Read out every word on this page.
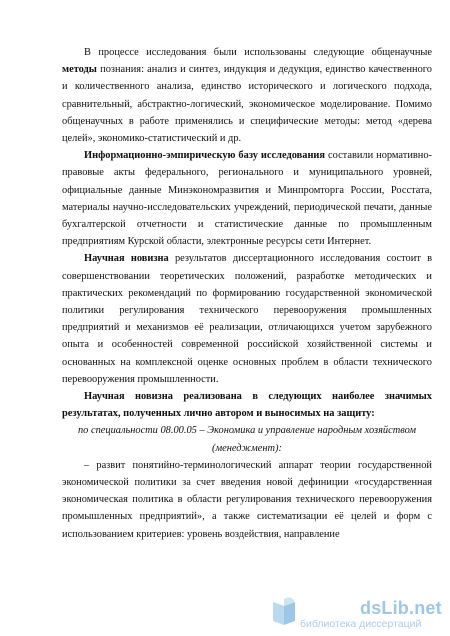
В процессе исследования были использованы следующие общенаучные методы познания: анализ и синтез, индукция и дедукция, единство качественного и количественного анализа, единство исторического и логического подхода, сравнительный, абстрактно-логический, экономическое моделирование. Помимо общенаучных в работе применялись и специфические методы: метод «дерева целей», экономико-статистический и др.

Информационно-эмпирическую базу исследования составили нормативно-правовые акты федерального, регионального и муниципального уровней, официальные данные Минэкономразвития и Минпромторга России, Росстата, материалы научно-исследовательских учреждений, периодической печати, данные бухгалтерской отчетности и статистические данные по промышленным предприятиям Курской области, электронные ресурсы сети Интернет.

Научная новизна результатов диссертационного исследования состоит в совершенствовании теоретических положений, разработке методических и практических рекомендаций по формированию государственной экономической политики регулирования технического перевооружения промышленных предприятий и механизмов её реализации, отличающихся учетом зарубежного опыта и особенностей современной российской хозяйственной системы и основанных на комплексной оценке основных проблем в области технического перевооружения промышленности.

Научная новизна реализована в следующих наиболее значимых результатах, полученных лично автором и выносимых на защиту:

по специальности 08.00.05 – Экономика и управление народным хозяйством (менеджмент):

– развит понятийно-терминологический аппарат теории государственной экономической политики за счет введения новой дефиниции «государственная экономическая политика в области регулирования технического перевооружения промышленных предприятий», а также систематизации её целей и форм с использованием критериев: уровень воздействия, направление

dsLib.net
библиотека диссертаций
